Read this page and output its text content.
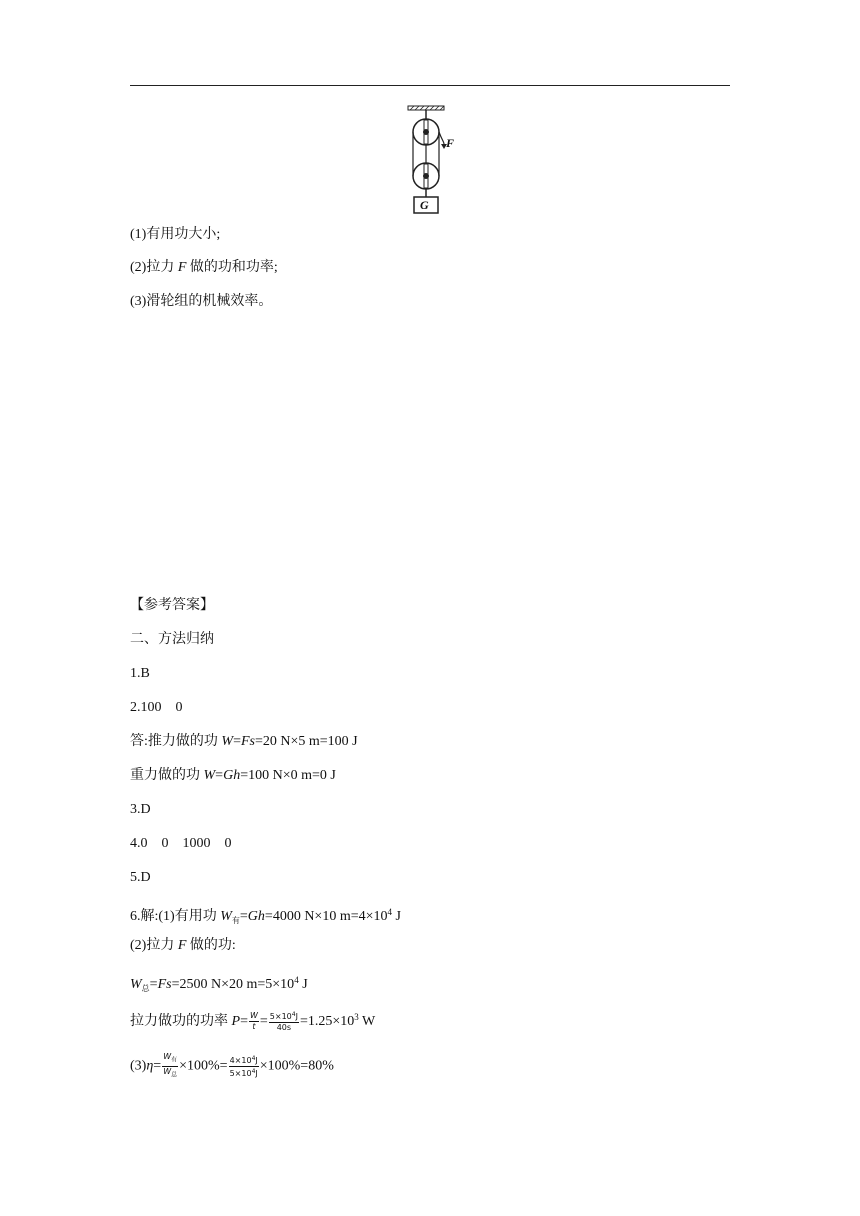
F
G
(1)有用功大小;
(2)拉力 F 做的功和功率;
(3)滑轮组的机械效率。
【参考答案】
二、方法归纳
1.B
2.100　0
答:推力做的功 W=Fs=20 N×5 m=100 J
重力做的功 W=Gh=100 N×0 m=0 J
3.D
4.0　0　1000　0
5.D
6.解:(1)有用功 $W_有=Gh=4000$ N×10 $m=4\times 10^4$ J
(2)拉力 F 做的功:
$W_总=Fs=2500$ N×20 $m=5\times 10^4$ J
拉力做功的功率 $P= \frac{W}{t} = \frac{5\times 10^4J}{40s} =1.25\times 10^3$ W
$(3)\eta= \frac{W_有}{W_总} \times 100\%= \frac{4\times 10^4J}{5\times 10^4J} \times 100\%=80\%$
